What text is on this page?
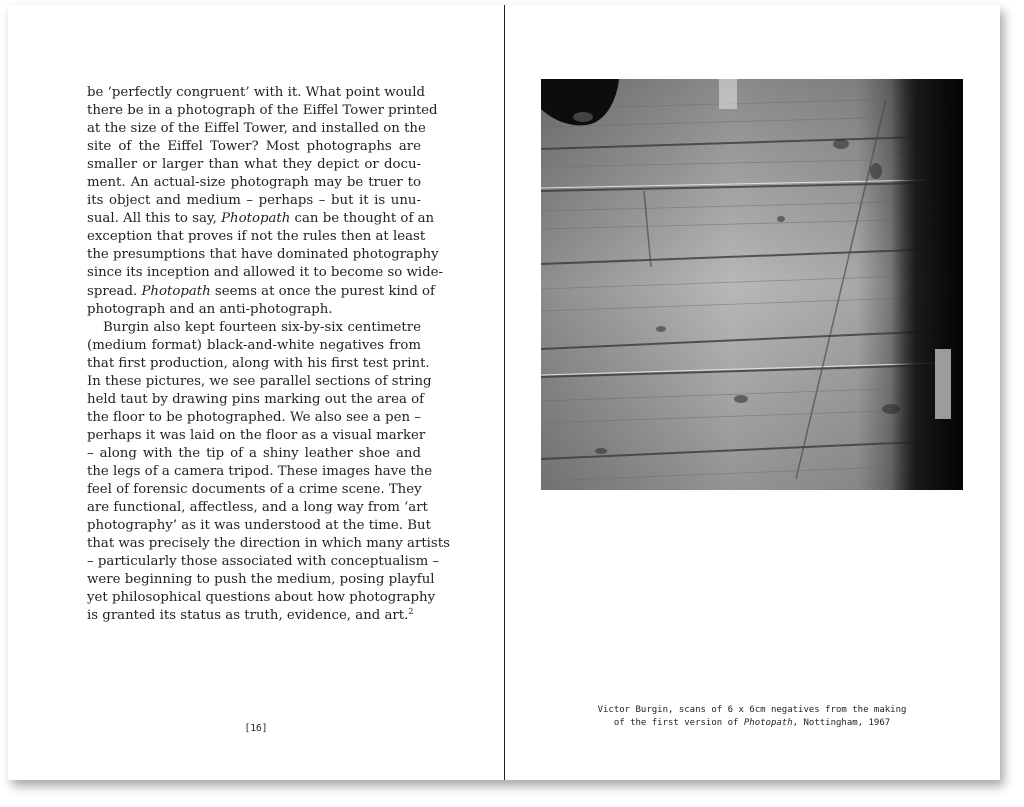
be ‘perfectly congruent’ with it. What point would
there be in a photograph of the Eiffel Tower printed
at the size of the Eiffel Tower, and installed on the
site of the Eiffel Tower? Most photographs are
smaller or larger than what they depict or docu-
ment. An actual-size photograph may be truer to
its object and medium – perhaps – but it is unu-
sual. All this to say, Photopath can be thought of an
exception that proves if not the rules then at least
the presumptions that have dominated photography
since its inception and allowed it to become so wide-
spread. Photopath seems at once the purest kind of
photograph and an anti-photograph.
Burgin also kept fourteen six-by-six centimetre
(medium format) black-and-white negatives from
that first production, along with his first test print.
In these pictures, we see parallel sections of string
held taut by drawing pins marking out the area of
the floor to be photographed. We also see a pen –
perhaps it was laid on the floor as a visual marker
– along with the tip of a shiny leather shoe and
the legs of a camera tripod. These images have the
feel of forensic documents of a crime scene. They
are functional, affectless, and a long way from ‘art
photography’ as it was understood at the time. But
that was precisely the direction in which many artists
– particularly those associated with conceptualism –
were beginning to push the medium, posing playful
yet philosophical questions about how photography
is granted its status as truth, evidence, and art.$^2$
[16]
Victor Burgin, scans of 6 x 6cm negatives from the making
of the first version of Photopath, Nottingham, 1967
